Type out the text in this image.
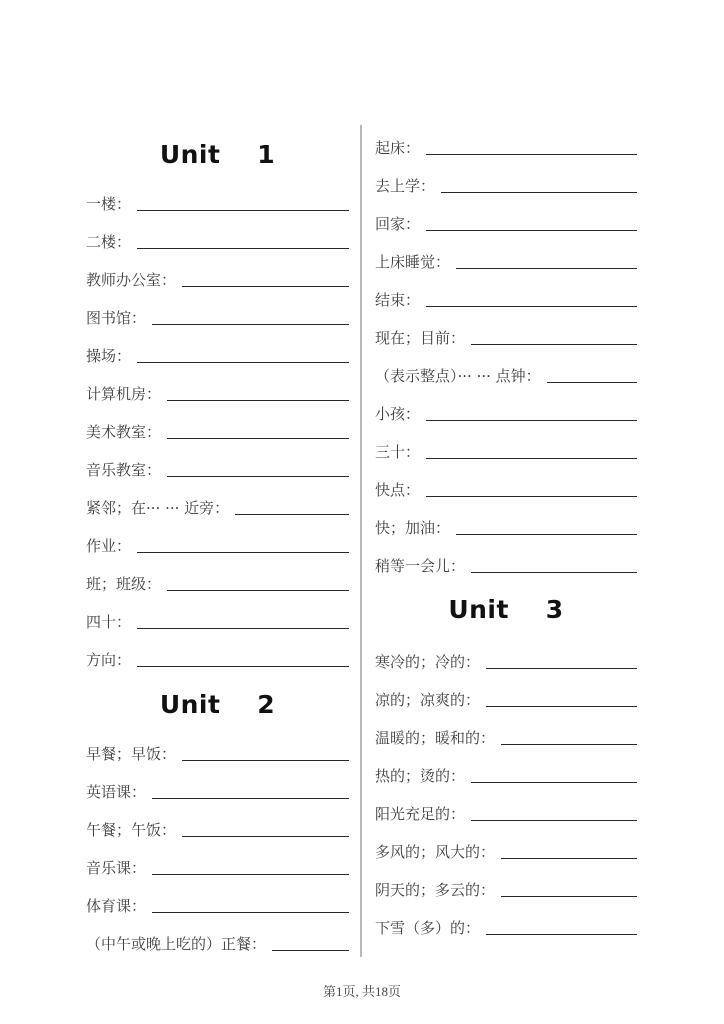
Unit    1
一楼：
二楼：
教师办公室：
图书馆：
操场：
计算机房：
美术教室：
音乐教室：
紧邻；在··· ··· 近旁：
作业：
班；班级：
四十：
方向：
Unit    2
早餐；早饭：
英语课：
午餐；午饭：
音乐课：
体育课：
（中午或晚上吃的）正餐：
起床：
去上学：
回家：
上床睡觉：
结束：
现在；目前：
（表示整点）··· ··· 点钟：
小孩：
三十：
快点：
快；加油：
稍等一会儿：
Unit    3
寒冷的；冷的：
凉的；凉爽的：
温暖的；暖和的：
热的；烫的：
阳光充足的：
多风的；风大的：
阴天的；多云的：
下雪（多）的：
第1页, 共18页
